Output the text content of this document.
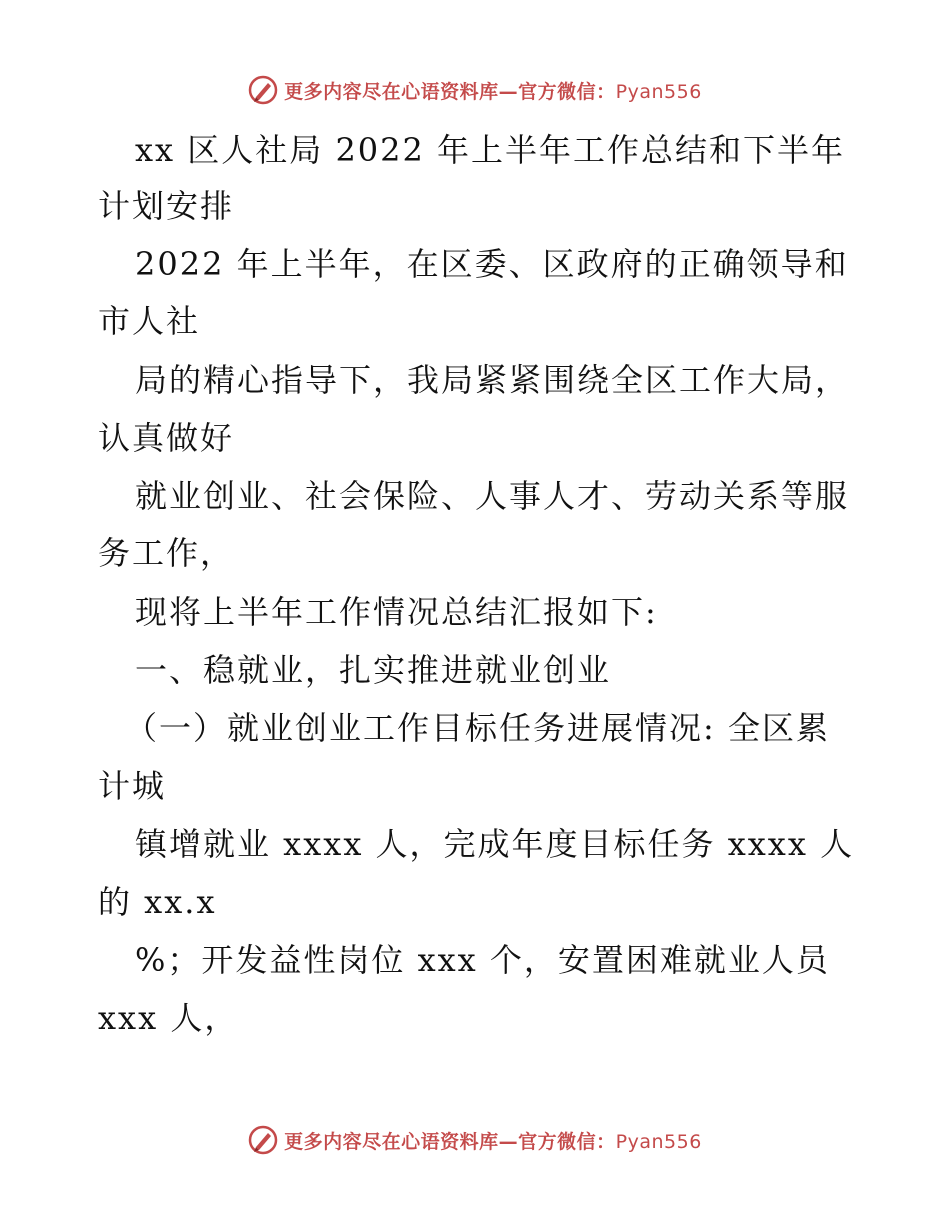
更多内容尽在心语资料库—官方微信：Pyan556
xx 区人社局 2022 年上半年工作总结和下半年
计划安排
2022 年上半年，在区委、区政府的正确领导和
市人社
局的精心指导下，我局紧紧围绕全区工作大局，
认真做好
就业创业、社会保险、人事人才、劳动关系等服
务工作，
现将上半年工作情况总结汇报如下:
一、稳就业，扎实推进就业创业
（一）就业创业工作目标任务进展情况: 全区累
计城
镇增就业 xxxx 人，完成年度目标任务 xxxx 人
的 xx.x
%；开发益性岗位 xxx 个，安置困难就业人员
xxx 人，
更多内容尽在心语资料库—官方微信：Pyan556
